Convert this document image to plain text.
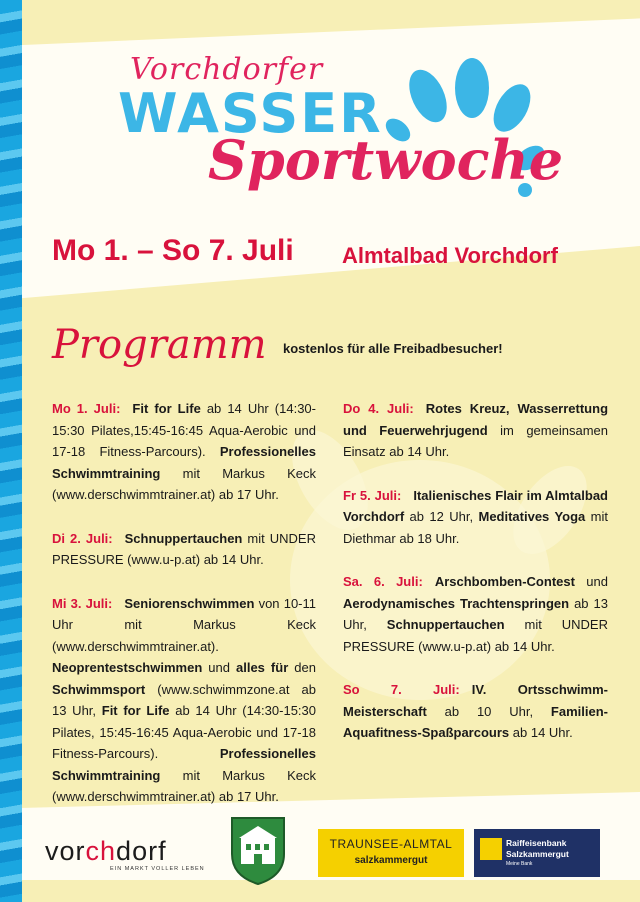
Vorchdorfer
WASSER
Sportwoche
Mo 1. – So 7. Juli Almtalbad Vorchdorf
Programm kostenlos für alle Freibadbesucher!
Mo 1. Juli: Fit for Life ab 14 Uhr (14:30-15:30 Pilates,15:45-16:45 Aqua-Aerobic und 17-18 Fitness-Parcours). Professionelles Schwimmtraining mit Markus Keck (www.derschwimmtrainer.at) ab 17 Uhr.
Di 2. Juli: Schnuppertauchen mit UNDER PRESSURE (www.u-p.at) ab 14 Uhr.
Mi 3. Juli: Seniorenschwimmen von 10-11 Uhr mit Markus Keck (www.derschwimmtrainer.at). Neoprentestschwimmen und alles für den Schwimmsport (www.schwimmzone.at ab 13 Uhr, Fit for Life ab 14 Uhr (14:30-15:30 Pilates, 15:45-16:45 Aqua-Aerobic und 17-18 Fitness-Parcours). Professionelles Schwimmtraining mit Markus Keck (www.derschwimmtrainer.at) ab 17 Uhr.
Do 4. Juli: Rotes Kreuz, Wasserrettung und Feuerwehrjugend im gemeinsamen Einsatz ab 14 Uhr.
Fr 5. Juli: Italienisches Flair im Almtalbad Vorchdorf ab 12 Uhr, Meditatives Yoga mit Diethmar ab 18 Uhr.
Sa. 6. Juli: Arschbomben-Contest und Aerodynamisches Trachtenspringen ab 13 Uhr, Schnuppertauchen mit UNDER PRESSURE (www.u-p.at) ab 14 Uhr.
So 7. Juli: IV. Ortsschwimm-Meisterschaft ab 10 Uhr, Familien-Aquafitness-Spaßparcours ab 14 Uhr.
vorchdorf
EIN MARKT VOLLER LEBEN
TRAUNSEE-ALMTAL
salzkammergut
Raiffeisenbank
Salzkammergut
Meine Bank
